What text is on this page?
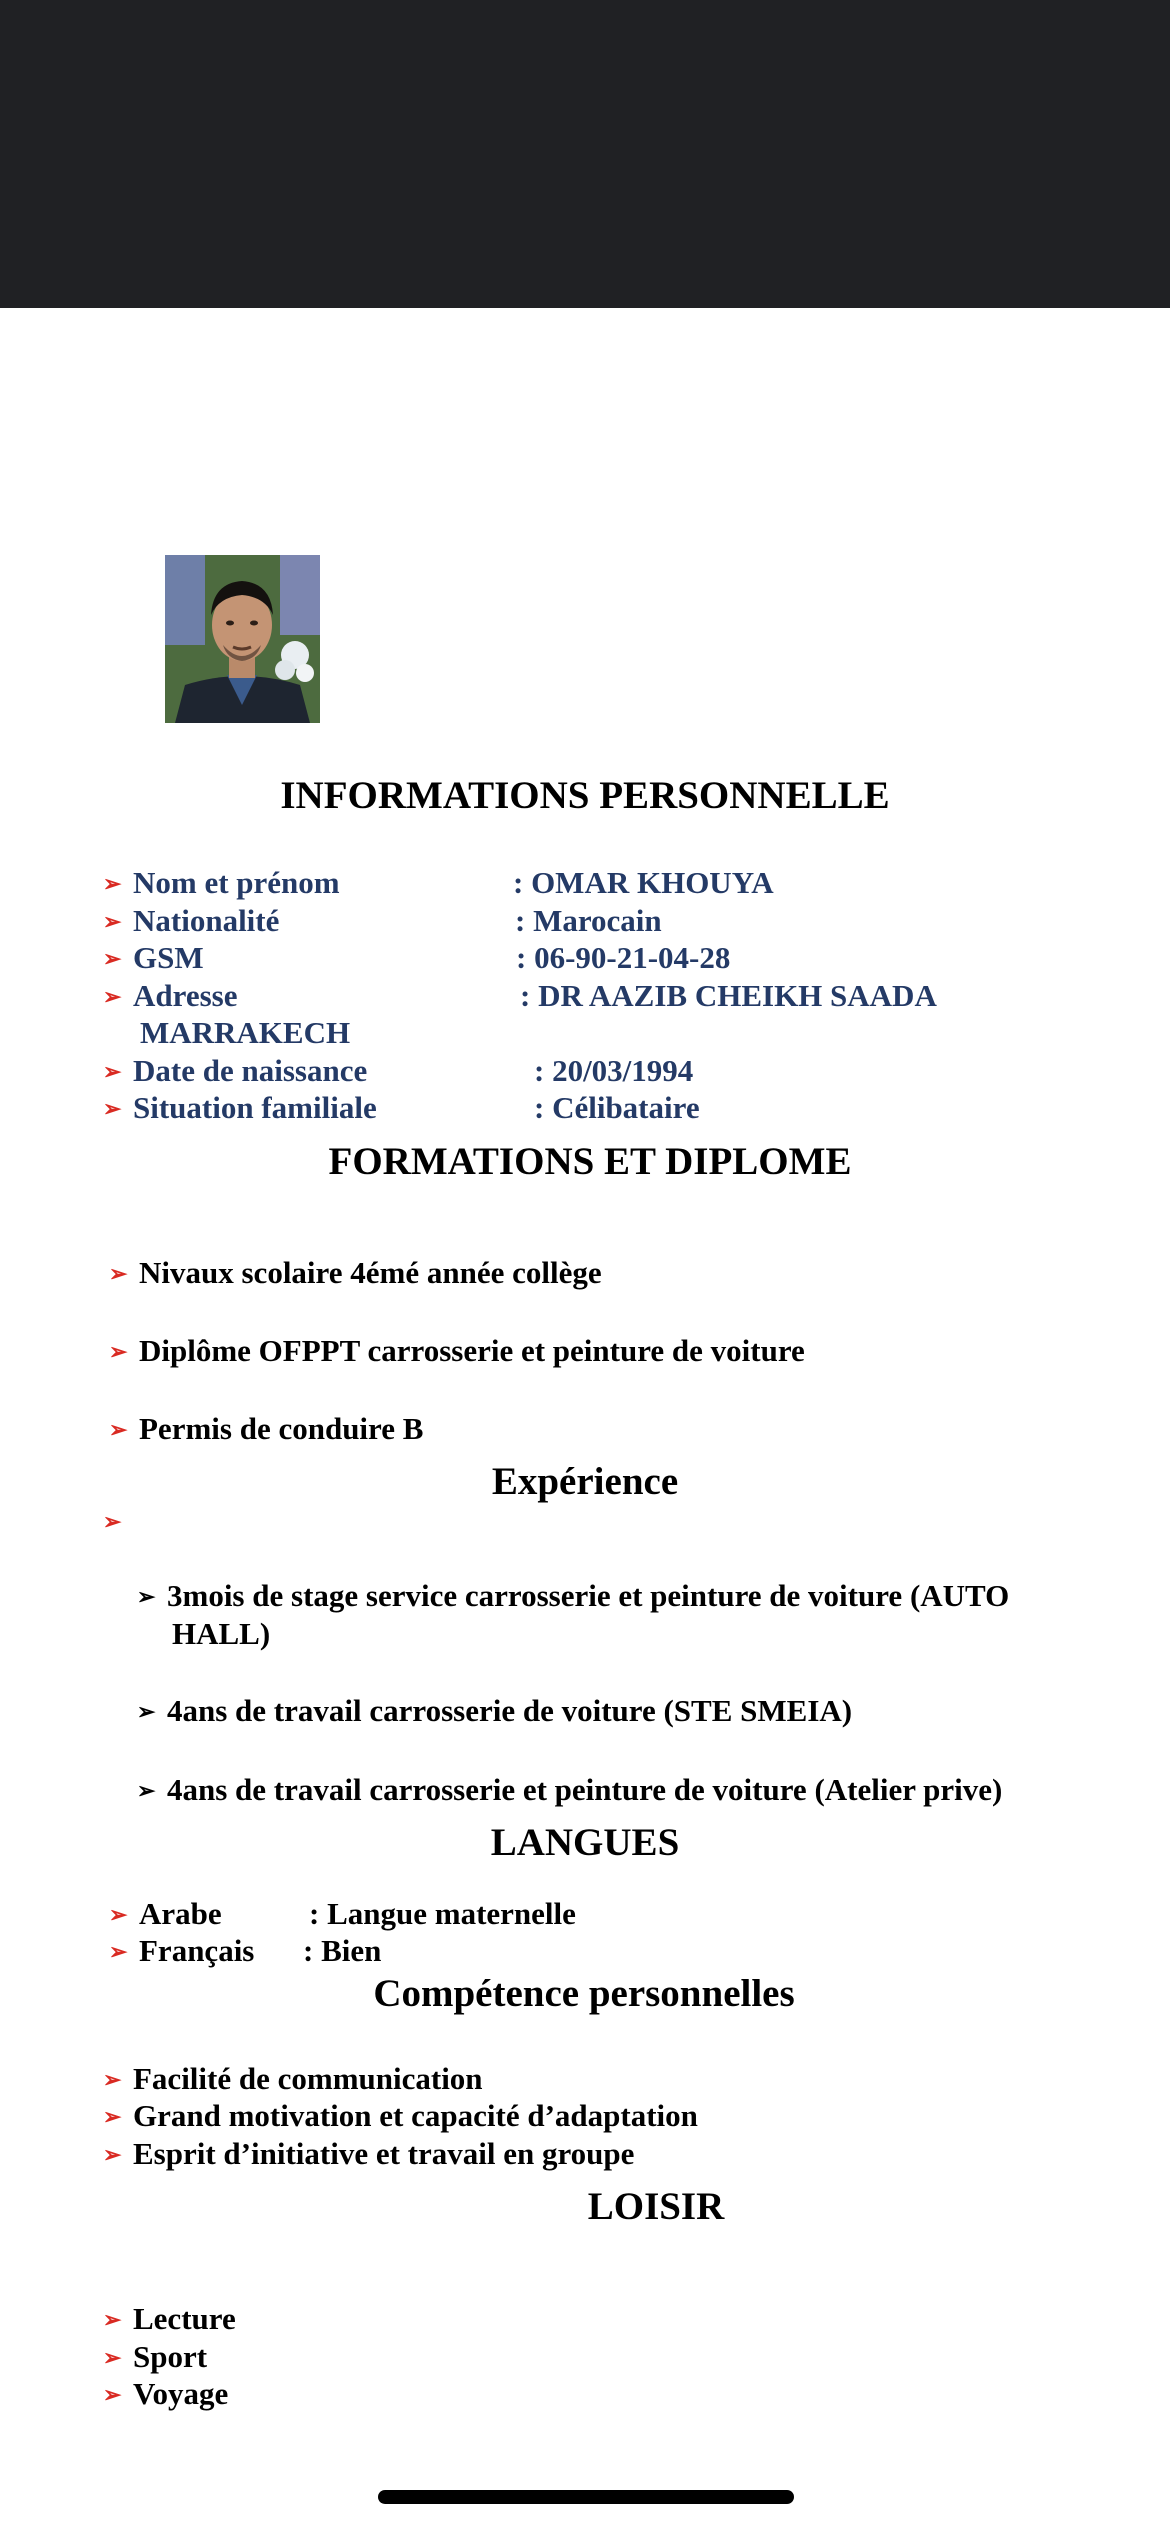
INFORMATIONS PERSONNELLE
➢ Nom et prénom	: OMAR KHOUYA
➢ Nationalité	: Marocain
➢ GSM	: 06-90-21-04-28
➢ Adresse	: DR AAZIB CHEIKH SAADA
MARRAKECH
➢ Date de naissance	: 20/03/1994
➢ Situation familiale	: Célibataire
FORMATIONS ET DIPLOME
➢ Nivaux scolaire 4émé année collège
➢ Diplôme OFPPT carrosserie et peinture de voiture
➢ Permis de conduire B
Expérience
➢
➢ 3mois de stage service carrosserie et peinture de voiture (AUTO
HALL)
➢ 4ans de travail carrosserie de voiture (STE SMEIA)
➢ 4ans de travail carrosserie et peinture de voiture (Atelier prive)
LANGUES
➢ Arabe	: Langue maternelle
➢ Français : Bien
Compétence personnelles
➢ Facilité de communication
➢ Grand motivation et capacité d’adaptation
➢ Esprit d’initiative et travail en groupe
LOISIR
➢ Lecture
➢ Sport
➢ Voyage
